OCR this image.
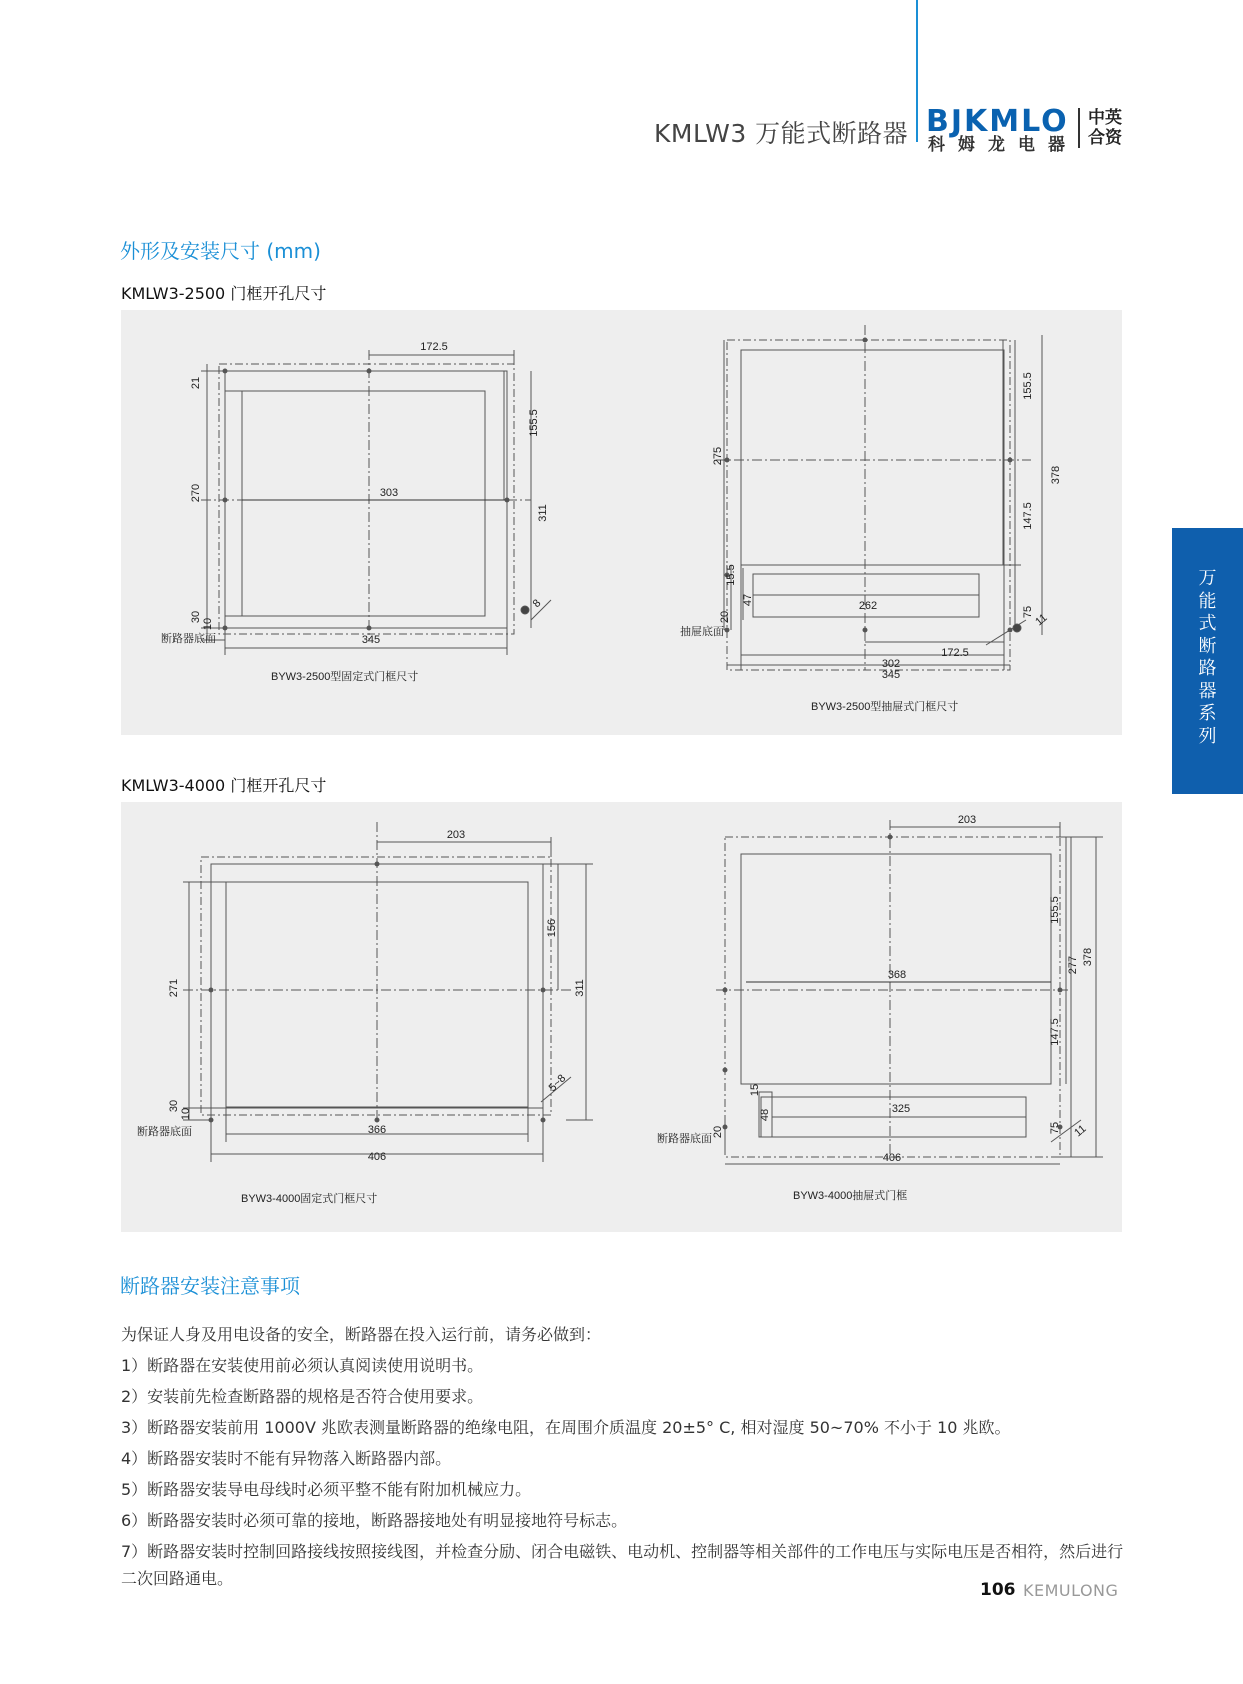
KMLW3 万能式断路器 BJKMLO
科姆龙电器
中英
合资
万
能
式
断
路
器
系
列
外形及安装尺寸 (mm)
KMLW3-2500 门框开孔尺寸
KMLW3-4000 门框开孔尺寸
172.5
21
155.5
270	303
311
30
10
345
8
断路器底面
BYW3-2500型固定式门框尺寸
155.5
378
275
147.5
15.5
47
20
262	75 11
172.5
302
345
抽屉底面
BYW3-2500型抽屉式门框尺寸
203
156
271	311
5~8
30
10
366
406
断路器底面
BYW3-4000固定式门框尺寸
203
155.5
378
277
368
147.5
15
48	325
20	75 11
406
断路器底面
BYW3-4000抽屉式门框
断路器安装注意事项

为保证人身及用电设备的安全，断路器在投入运行前，请务必做到：

1）断路器在安装使用前必须认真阅读使用说明书。

2）安装前先检查断路器的规格是否符合使用要求。

3）断路器安装前用 1000V 兆欧表测量断路器的绝缘电阻，在周围介质温度 20±5° C, 相对湿度 50~70% 不小于 10 兆欧。

4）断路器安装时不能有异物落入断路器内部。

5）断路器安装导电母线时必须平整不能有附加机械应力。

6）断路器安装时必须可靠的接地，断路器接地处有明显接地符号标志。

7）断路器安装时控制回路接线按照接线图，并检查分励、闭合电磁铁、电动机、控制器等相关部件的工作电压与实际电压是否相符，然后进行二次回路通电。

106 KEMULONG
